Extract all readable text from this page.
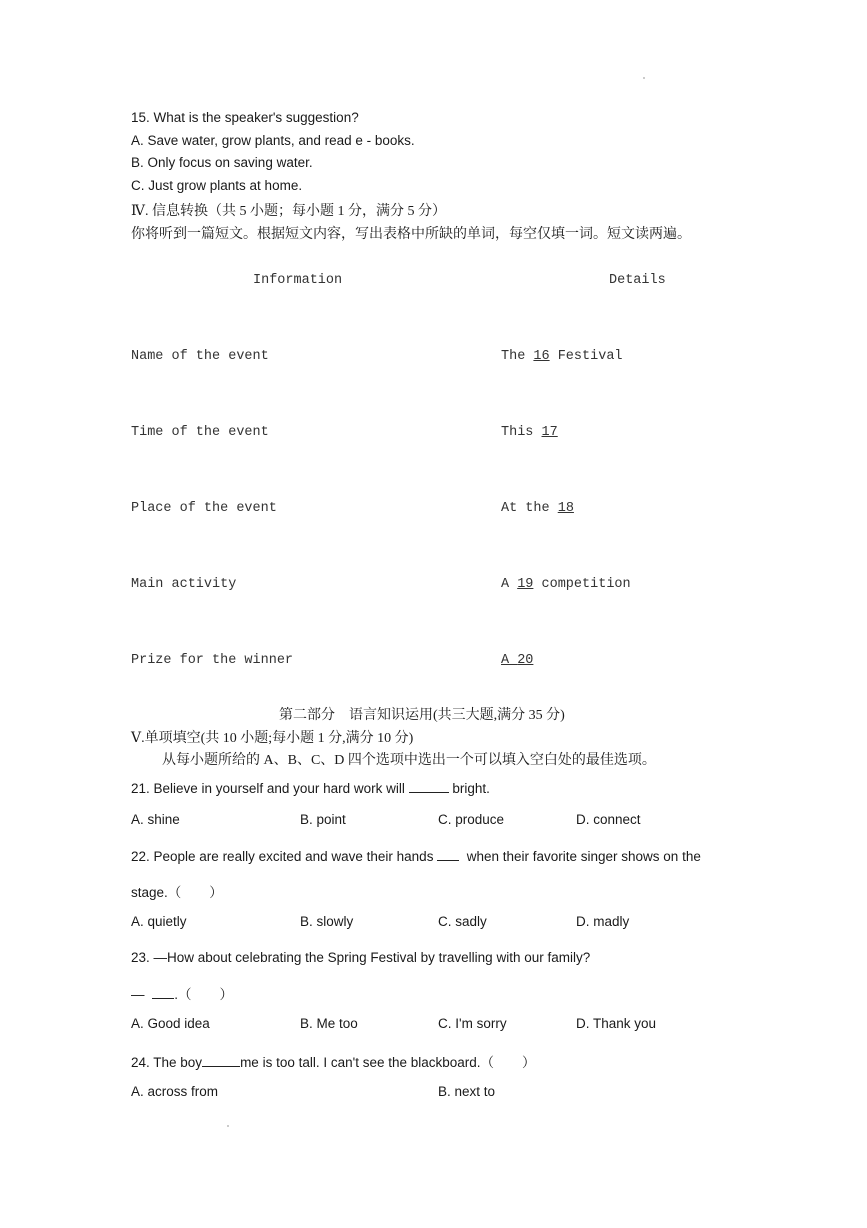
15. What is the speaker's suggestion?
A. Save water, grow plants, and read e - books.
B. Only focus on saving water.
C. Just grow plants at home.
Ⅳ. 信息转换（共 5 小题；每小题 1 分，满分 5 分）
你将听到一篇短文。根据短文内容，写出表格中所缺的单词，每空仅填一词。短文读两遍。
Information	Details
Name of the event	The 16 Festival
Time of the event	This 17
Place of the event	At the 18
Main activity	A 19 competition
Prize for the winner	A 20
第二部分　语言知识运用(共三大题,满分 35 分)
Ⅴ.单项填空(共 10 小题;每小题 1 分,满分 10 分)
从每小题所给的 A、B、C、D 四个选项中选出一个可以填入空白处的最佳选项。
21. Believe in yourself and your hard work will	bright.
A. shine	B. point	C. produce	D. connect
22. People are really excited and wave their hands   when their favorite singer shows on the
stage.（ ）
A. quietly	B. slowly	C. sadly	D. madly
23. —How about celebrating the Spring Festival by travelling with our family?
— .（ ）
A. Good idea	B. Me too	C. I'm sorry	D. Thank you
24. The boy	me is too tall. I can't see the blackboard.（ ）
A. across from	B. next to
